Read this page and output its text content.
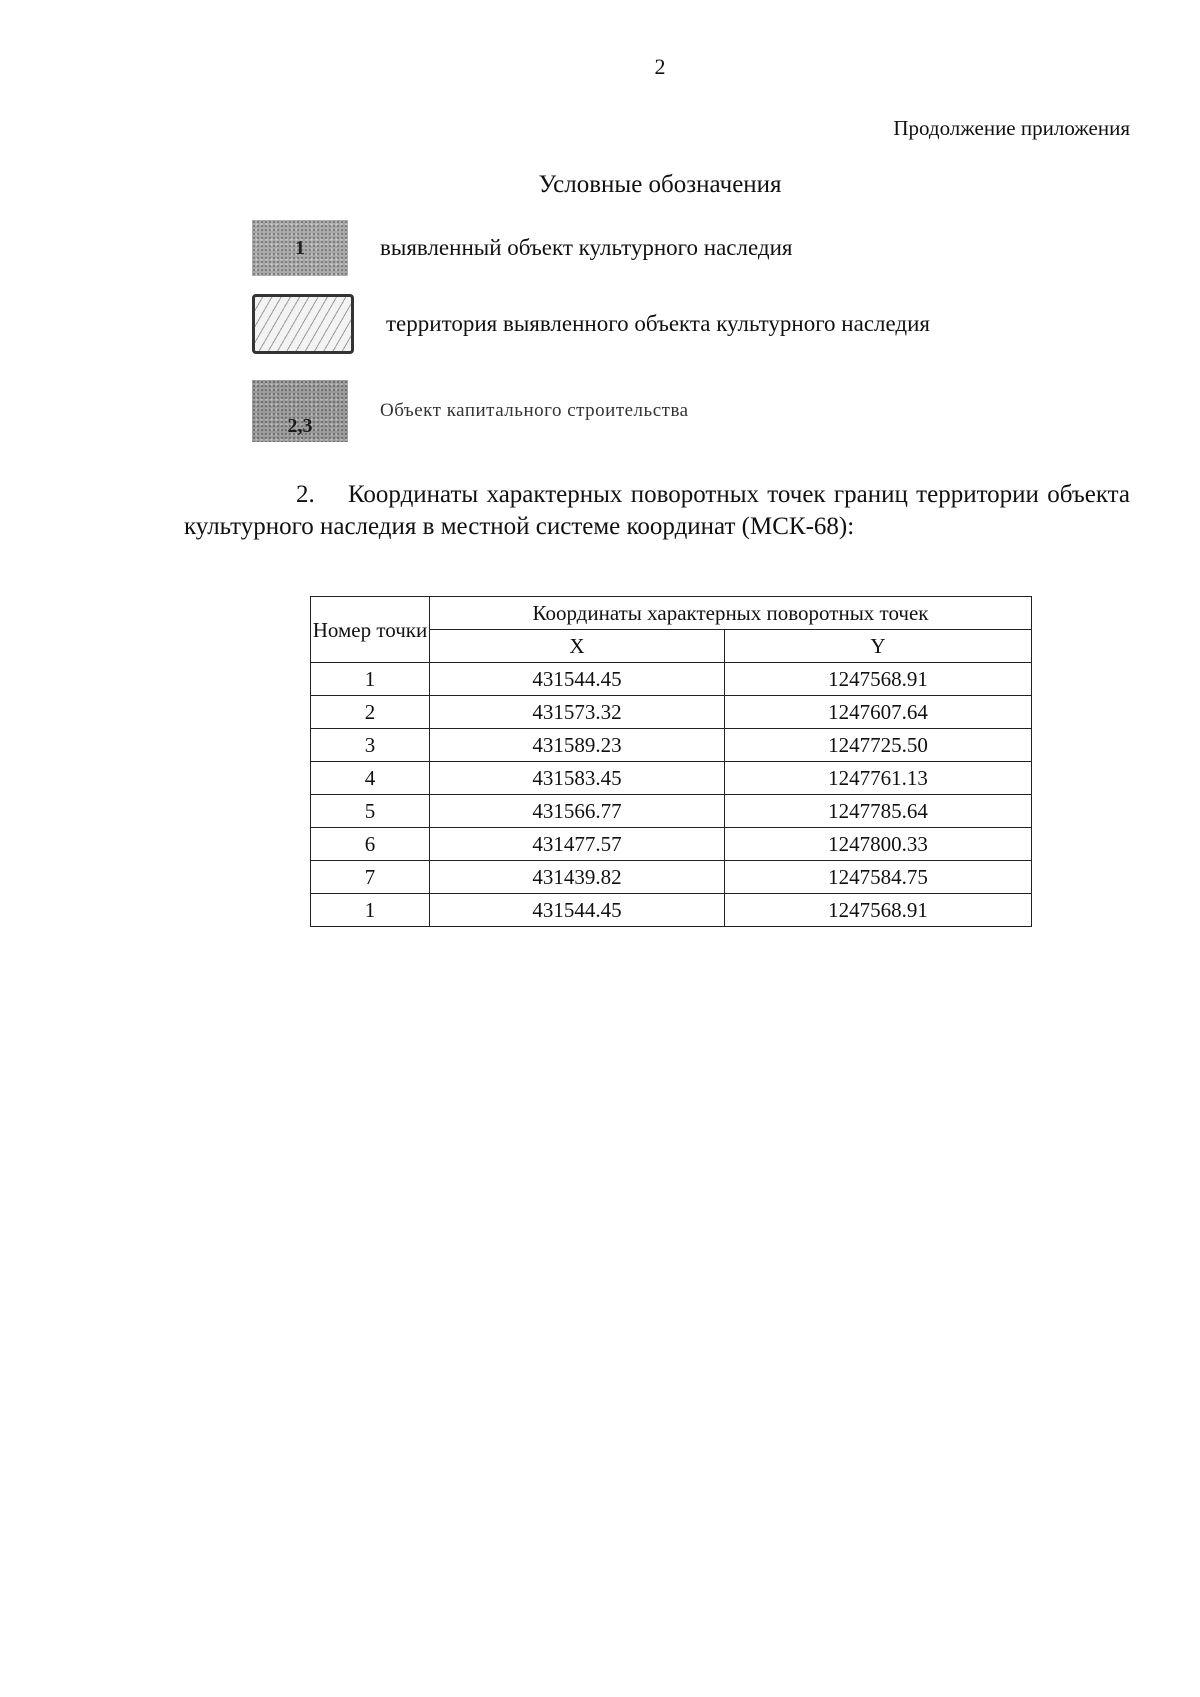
2
Продолжение приложения
Условные обозначения
1	выявленный объект культурного наследия
территория выявленного объекта культурного наследия
2,3
Объект капитального строительства
2. Координаты характерных поворотных точек границ территории объекта культурного наследия в местной системе координат (МСК-68):
Номер точки	Координаты характерных поворотных точек	
	X	Y
1	431544.45	1247568.91
2	431573.32	1247607.64
3	431589.23	1247725.50
4	431583.45	1247761.13
5	431566.77	1247785.64
6	431477.57	1247800.33
7	431439.82	1247584.75
1	431544.45	1247568.91
